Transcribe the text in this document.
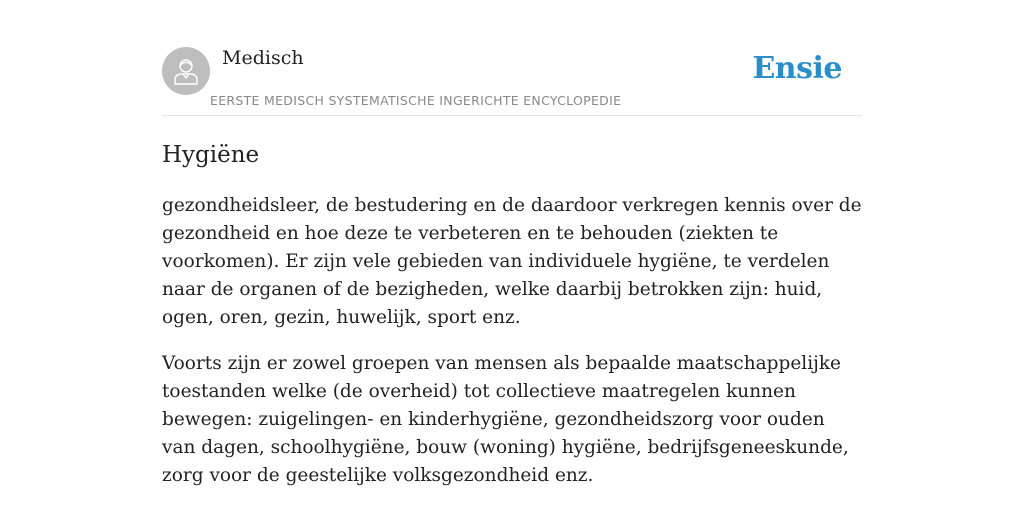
Medisch
EERSTE MEDISCH SYSTEMATISCHE INGERICHTE ENCYCLOPEDIE
Ensie
Hygiëne

gezondheidsleer, de bestudering en de daardoor verkregen kennis over de gezondheid en hoe deze te verbeteren en te behouden (ziekten te voorkomen). Er zijn vele gebieden van individuele hygiëne, te verdelen naar de organen of de bezigheden, welke daarbij betrokken zijn: huid, ogen, oren, gezin, huwelijk, sport enz.

Voorts zijn er zowel groepen van mensen als bepaalde maatschappelijke toestanden welke (de overheid) tot collectieve maatregelen kunnen bewegen: zuigelingen- en kinderhygiëne, gezondheidszorg voor ouden van dagen, schoolhygiëne, bouw (woning) hygiëne, bedrijfsgeneeskunde, zorg voor de geestelijke volksgezondheid enz.
